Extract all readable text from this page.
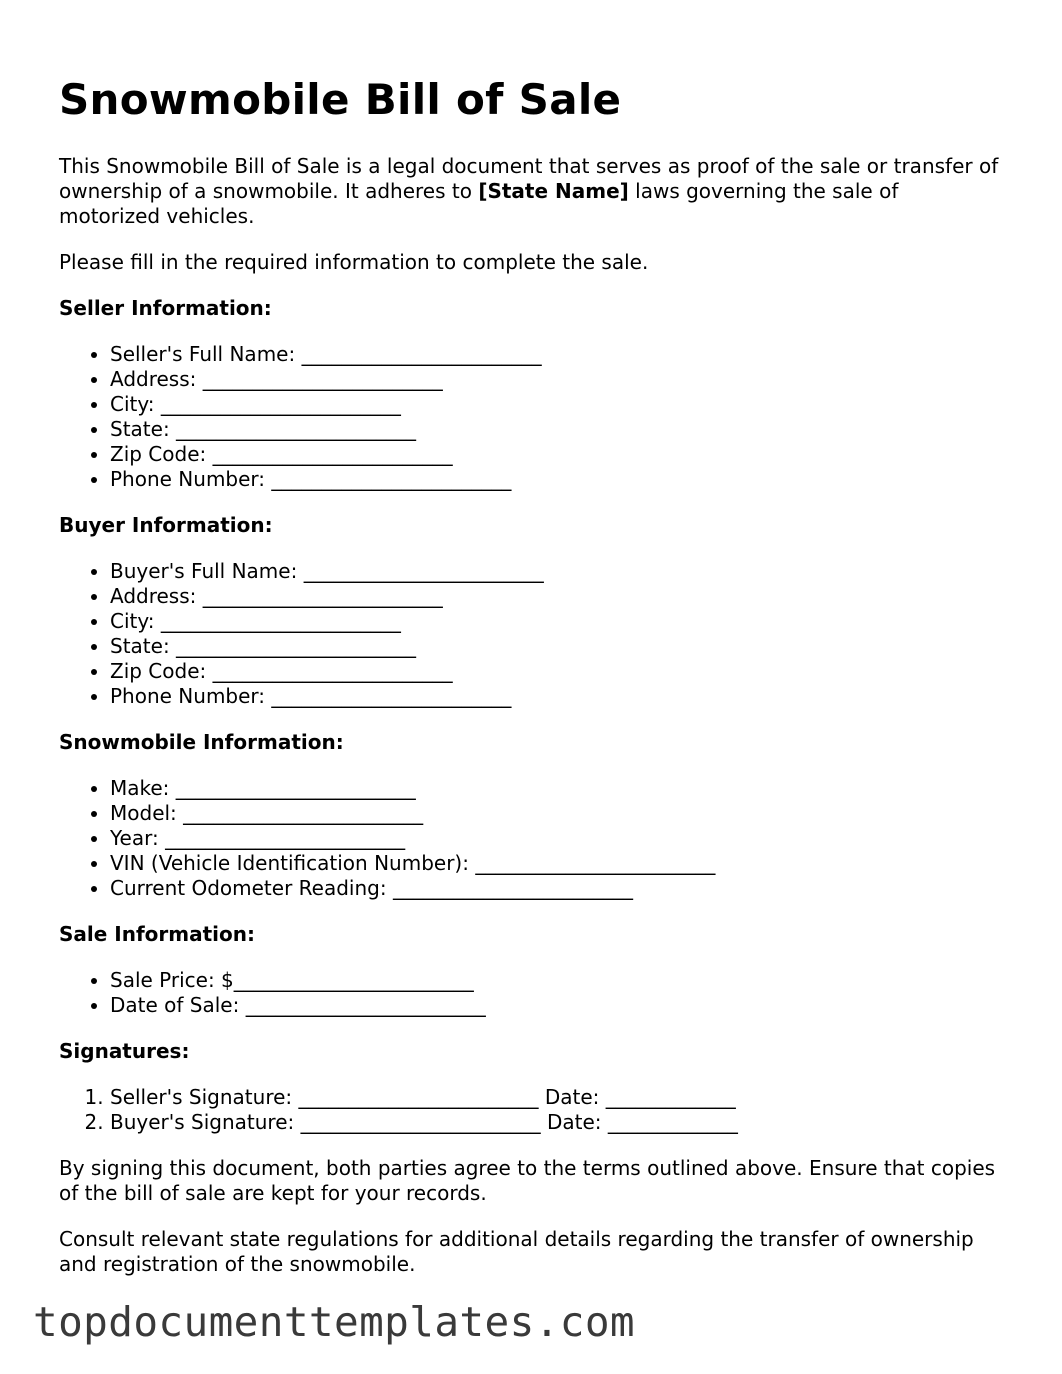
Snowmobile Bill of Sale

This Snowmobile Bill of Sale is a legal document that serves as proof of the sale or transfer of ownership of a snowmobile. It adheres to [State Name] laws governing the sale of motorized vehicles.

Please fill in the required information to complete the sale.

Seller Information:
• Seller's Full Name: ________________________
• Address: ________________________
• City: ________________________
• State: ________________________
• Zip Code: ________________________
• Phone Number: ________________________
Buyer Information:
• Buyer's Full Name: ________________________
• Address: ________________________
• City: ________________________
• State: ________________________
• Zip Code: ________________________
• Phone Number: ________________________
Snowmobile Information:
• Make: ________________________
• Model: ________________________
• Year: ________________________
• VIN (Vehicle Identification Number): ________________________
• Current Odometer Reading: ________________________
Sale Information:
• Sale Price: $________________________
• Date of Sale: ________________________
Signatures:
1. Seller's Signature: ________________________ Date: _____________
2. Buyer's Signature: ________________________ Date: _____________

By signing this document, both parties agree to the terms outlined above. Ensure that copies of the bill of sale are kept for your records.

Consult relevant state regulations for additional details regarding the transfer of ownership and registration of the snowmobile.

topdocumenttemplates.com
